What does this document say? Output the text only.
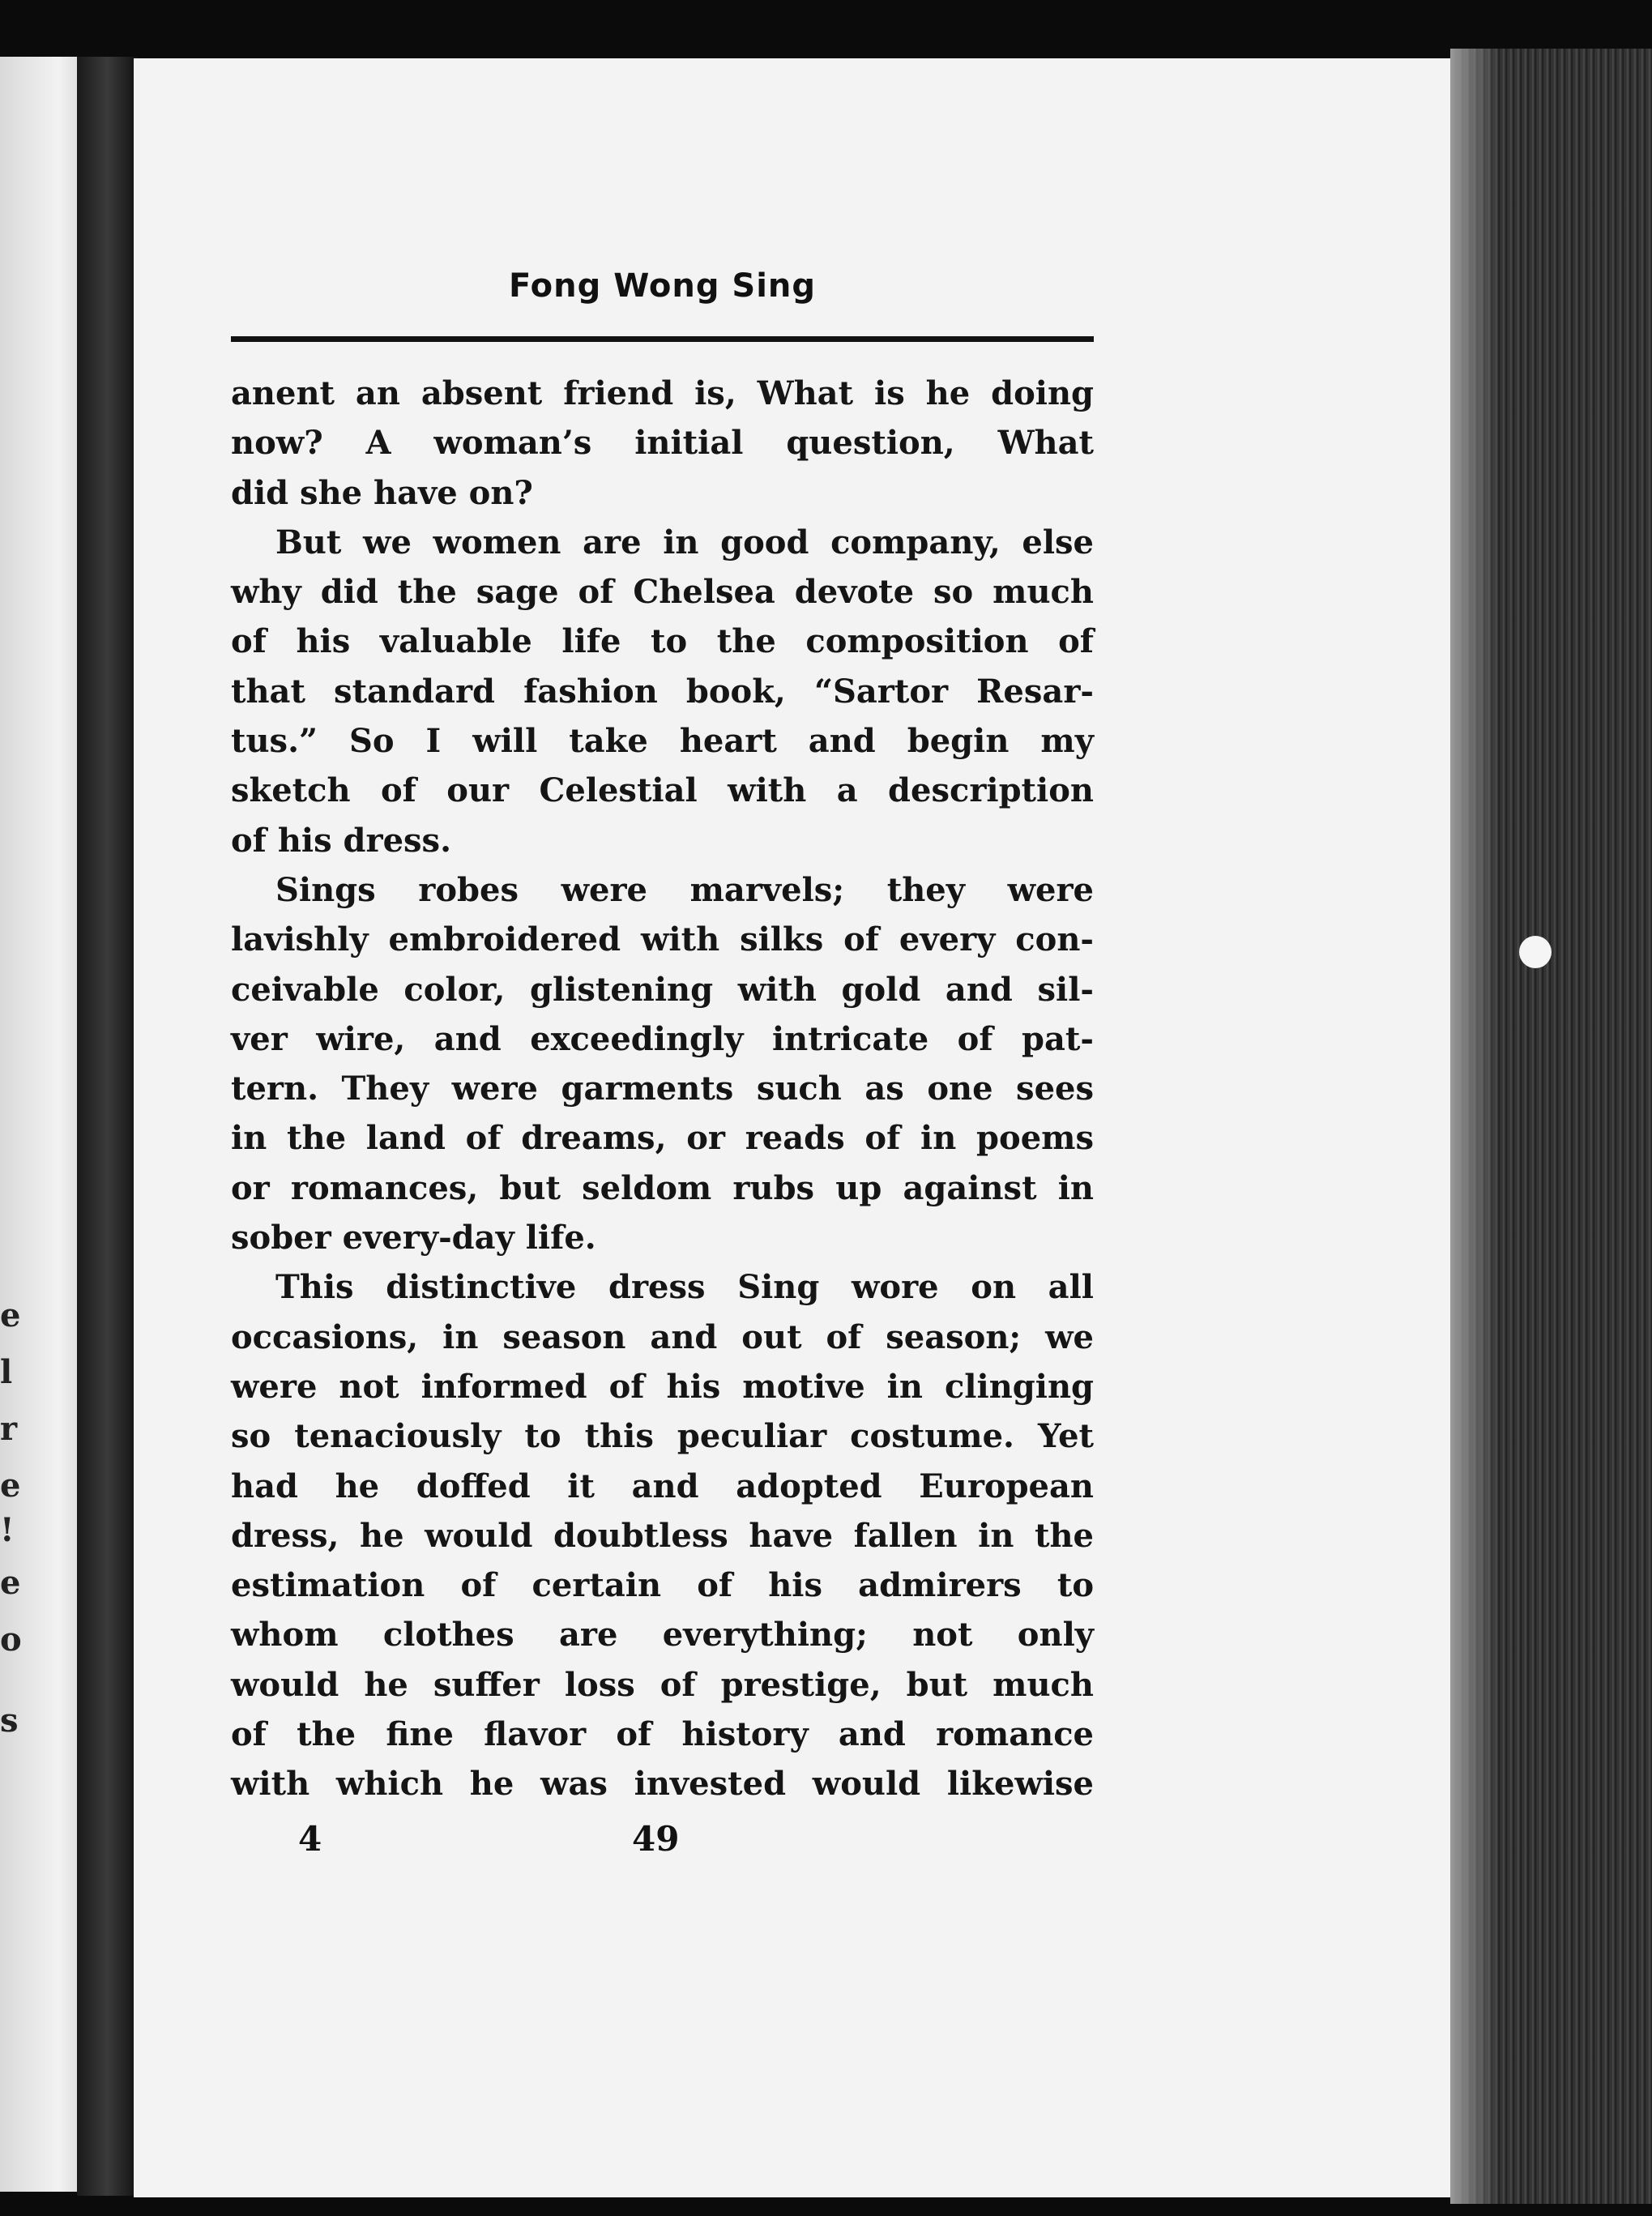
e
l
r
e
!
e
o
s
Fong Wong Sing
anent an absent friend is, What is he doing
now? A woman’s initial question, What
did she have on?
But we women are in good company, else
why did the sage of Chelsea devote so much
of his valuable life to the composition of
that standard fashion book, “Sartor Resar-
tus.” So I will take heart and begin my
sketch of our Celestial with a description
of his dress.
Sings robes were marvels; they were
lavishly embroidered with silks of every con-
ceivable color, glistening with gold and sil-
ver wire, and exceedingly intricate of pat-
tern. They were garments such as one sees
in the land of dreams, or reads of in poems
or romances, but seldom rubs up against in
sober every-day life.
This distinctive dress Sing wore on all
occasions, in season and out of season; we
were not informed of his motive in clinging
so tenaciously to this peculiar costume. Yet
had he doffed it and adopted European
dress, he would doubtless have fallen in the
estimation of certain of his admirers to
whom clothes are everything; not only
would he suffer loss of prestige, but much
of the fine flavor of history and romance
with which he was invested would likewise
4	49
